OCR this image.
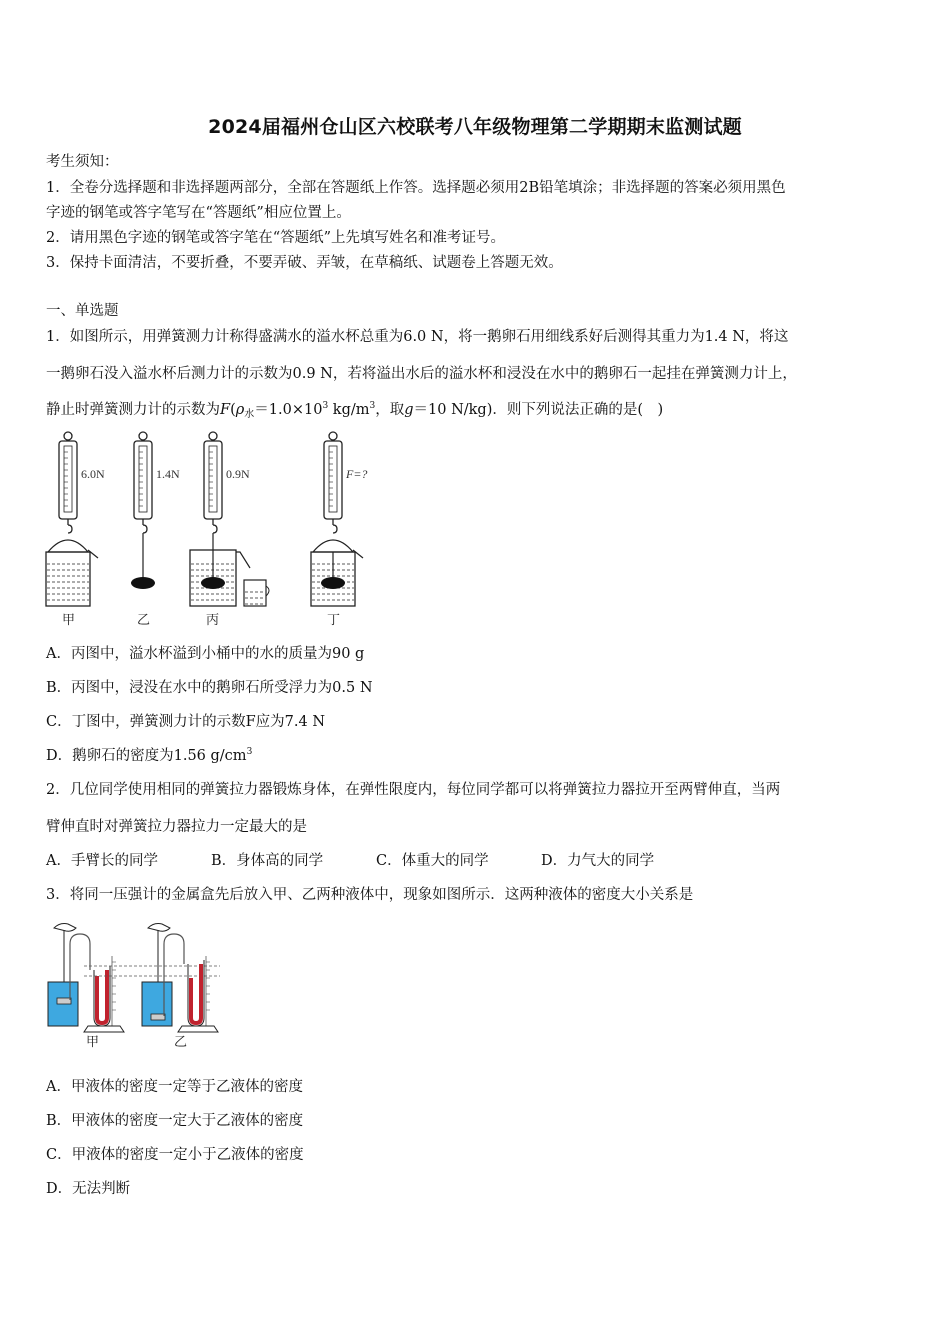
2024届福州仓山区六校联考八年级物理第二学期期末监测试题
考生须知：
1．全卷分选择题和非选择题两部分，全部在答题纸上作答。选择题必须用2B铅笔填涂；非选择题的答案必须用黑色
字迹的钢笔或答字笔写在“答题纸”相应位置上。
2．请用黑色字迹的钢笔或答字笔在“答题纸”上先填写姓名和准考证号。
3．保持卡面清洁，不要折叠，不要弄破、弄皱，在草稿纸、试题卷上答题无效。
一、单选题
1．如图所示，用弹簧测力计称得盛满水的溢水杯总重为6.0 N，将一鹅卵石用细线系好后测得其重力为1.4 N，将这
一鹅卵石没入溢水杯后测力计的示数为0.9 N，若将溢出水后的溢水杯和浸没在水中的鹅卵石一起挂在弹簧测力计上，
静止时弹簧测力计的示数为$F(\rho_水=1.0\times 10^3$ $kg/m^3$，取g＝10 N/kg)．则下列说法正确的是(　)
6.0N
甲
1.4N
乙
0.9N
丙
F=?
丁
A．丙图中，溢水杯溢到小桶中的水的质量为90 g
B．丙图中，浸没在水中的鹅卵石所受浮力为0.5 N
C．丁图中，弹簧测力计的示数F应为7.4 N
D．鹅卵石的密度为1.56 $g/cm^3$
2．几位同学使用相同的弹簧拉力器锻炼身体，在弹性限度内，每位同学都可以将弹簧拉力器拉开至两臂伸直，当两
臂伸直时对弹簧拉力器拉力一定最大的是
A．手臂长的同学	B．身体高的同学	C．体重大的同学	D．力气大的同学
3．将同一压强计的金属盒先后放入甲、乙两种液体中，现象如图所示．这两种液体的密度大小关系是
甲	乙
A．甲液体的密度一定等于乙液体的密度
B．甲液体的密度一定大于乙液体的密度
C．甲液体的密度一定小于乙液体的密度
D．无法判断
